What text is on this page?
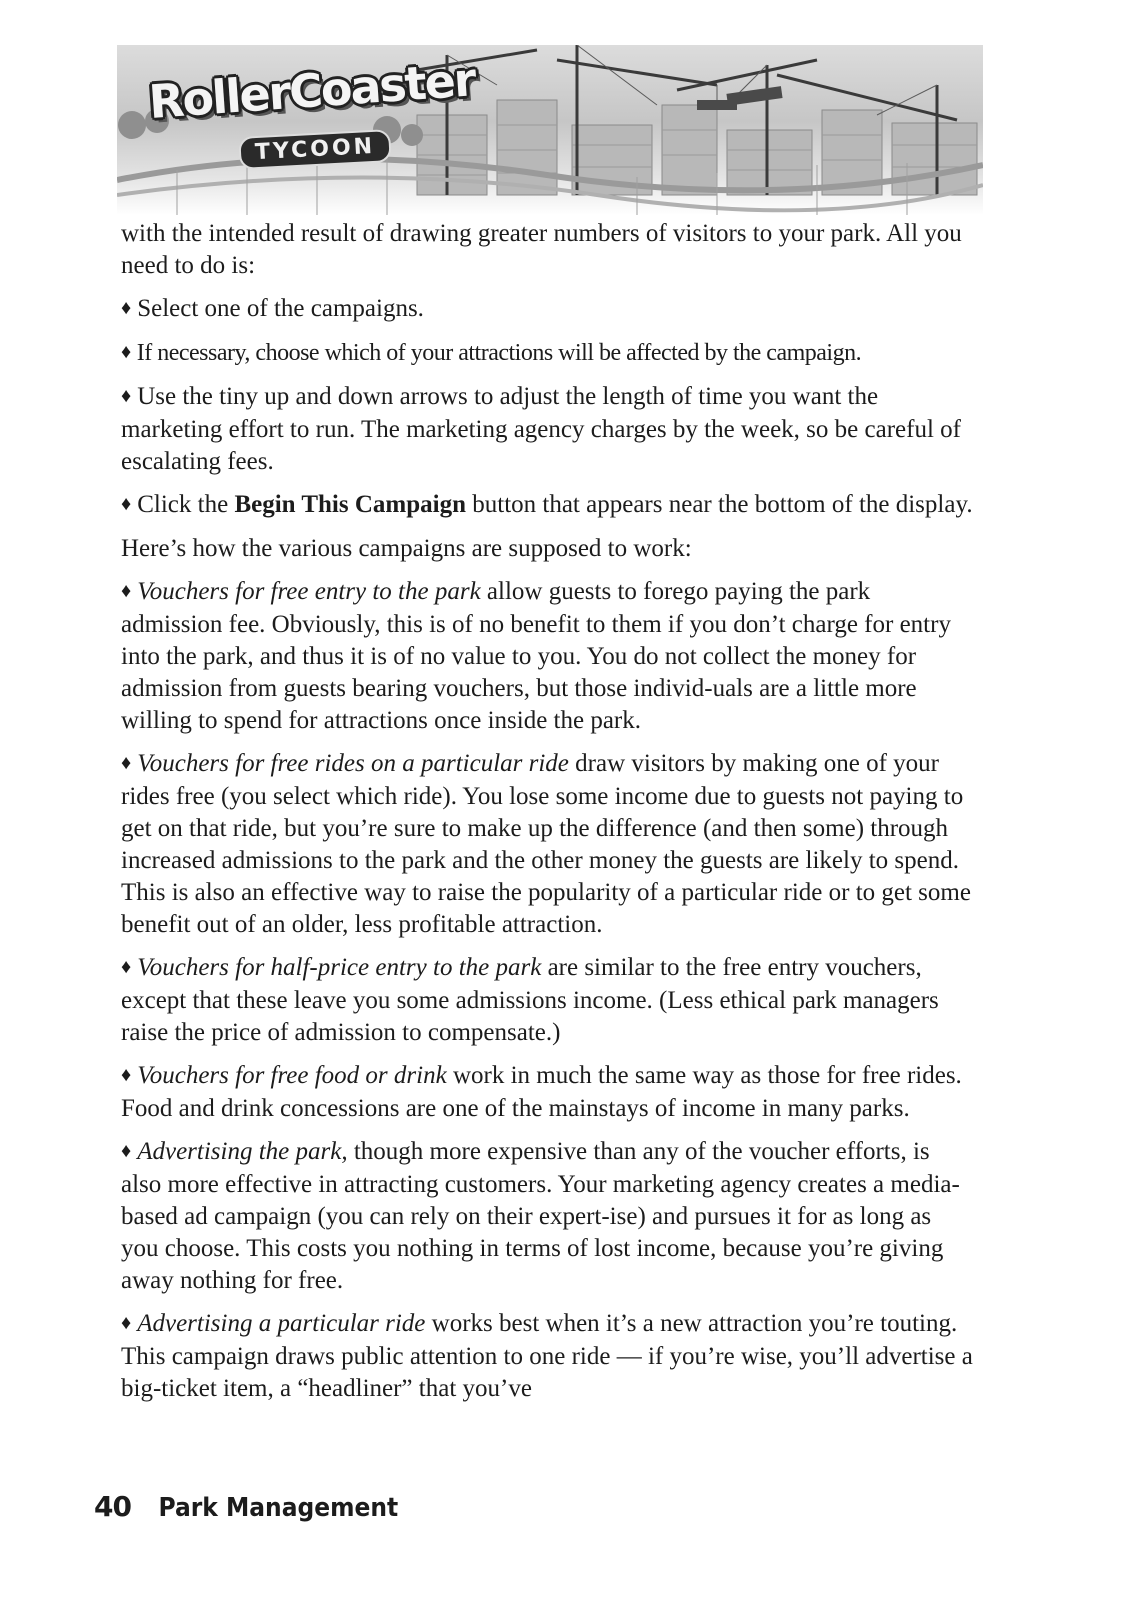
RollerCoaster
TYCOON

with the intended result of drawing greater numbers of visitors to your park. All you need to do is:

♦ Select one of the campaigns.

♦ If necessary, choose which of your attractions will be affected by the campaign.

♦ Use the tiny up and down arrows to adjust the length of time you want the marketing effort to run. The marketing agency charges by the week, so be careful of escalating fees.

♦ Click the Begin This Campaign button that appears near the bottom of the display.

Here’s how the various campaigns are supposed to work:

♦ Vouchers for free entry to the park allow guests to forego paying the park admission fee. Obviously, this is of no benefit to them if you don’t charge for entry into the park, and thus it is of no value to you. You do not collect the money for admission from guests bearing vouchers, but those individ-uals are a little more willing to spend for attractions once inside the park.

♦ Vouchers for free rides on a particular ride draw visitors by making one of your rides free (you select which ride). You lose some income due to guests not paying to get on that ride, but you’re sure to make up the difference (and then some) through increased admissions to the park and the other money the guests are likely to spend. This is also an effective way to raise the popularity of a particular ride or to get some benefit out of an older, less profitable attraction.

♦ Vouchers for half-price entry to the park are similar to the free entry vouchers, except that these leave you some admissions income. (Less ethical park managers raise the price of admission to compensate.)

♦ Vouchers for free food or drink work in much the same way as those for free rides. Food and drink concessions are one of the mainstays of income in many parks.

♦ Advertising the park, though more expensive than any of the voucher efforts, is also more effective in attracting customers. Your marketing agency creates a media-based ad campaign (you can rely on their expert-ise) and pursues it for as long as you choose. This costs you nothing in terms of lost income, because you’re giving away nothing for free.

♦ Advertising a particular ride works best when it’s a new attraction you’re touting. This campaign draws public attention to one ride — if you’re wise, you’ll advertise a big-ticket item, a “headliner” that you’ve

40 Park Management
